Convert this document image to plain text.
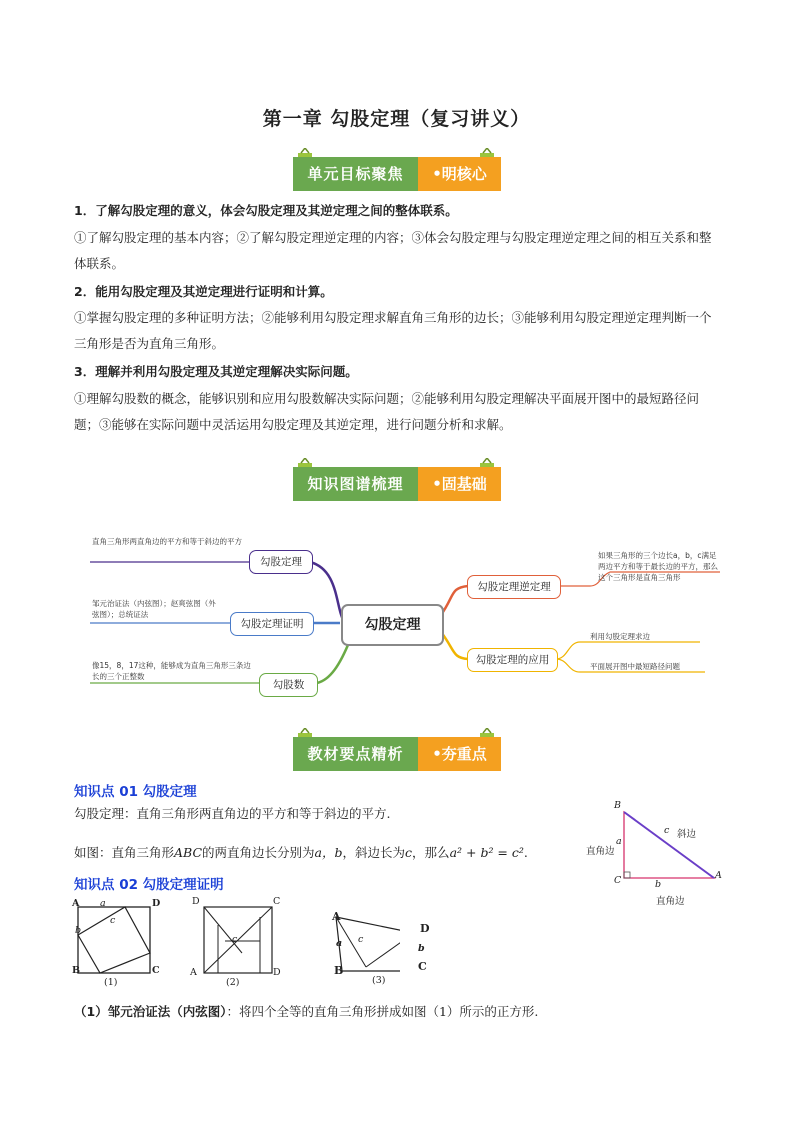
第一章 勾股定理（复习讲义）
单元目标聚焦	•明核心
1．了解勾股定理的意义，体会勾股定理及其逆定理之间的整体联系。
①了解勾股定理的基本内容；②了解勾股定理逆定理的内容；③体会勾股定理与勾股定理逆定理之间的相互关系和整体联系。
2．能用勾股定理及其逆定理进行证明和计算。
①掌握勾股定理的多种证明方法；②能够利用勾股定理求解直角三角形的边长；③能够利用勾股定理逆定理判断一个三角形是否为直角三角形。
3．理解并利用勾股定理及其逆定理解决实际问题。
①理解勾股数的概念，能够识别和应用勾股数解决实际问题；②能够利用勾股定理解决平面展开图中的最短路径问题；③能够在实际问题中灵活运用勾股定理及其逆定理，进行问题分析和求解。
知识图谱梳理	•固基础
勾股定理
勾股定理
勾股定理证明
勾股数
勾股定理逆定理
勾股定理的应用
直角三角形两直角边的平方和等于斜边的平方
邹元治证法（内弦图）；赵爽弦图（外弦图）；总统证法
像15，8，17这种，能够成为直角三角形三条边长的三个正整数
如果三角形的三个边长a，b，c满足两边平方和等于最长边的平方，那么这个三角形是直角三角形
利用勾股定理求边
平面展开图中最短路径问题
教材要点精析	•夯重点
知识点 01 勾股定理
勾股定理：直角三角形两直角边的平方和等于斜边的平方.
如图：直角三角形ABC的两直角边长分别为a，b，斜边长为c，那么a² + b² = c².
B
C	A
a
b
c 斜边
直角边
直角边
知识点 02 勾股定理证明
(1)	(2)	(3)
A	D
B	C
b
a
c
D	C
A	D
c
A
D
B	C
a	b
c
（1）邹元治证法（内弦图）：将四个全等的直角三角形拼成如图（1）所示的正方形.
